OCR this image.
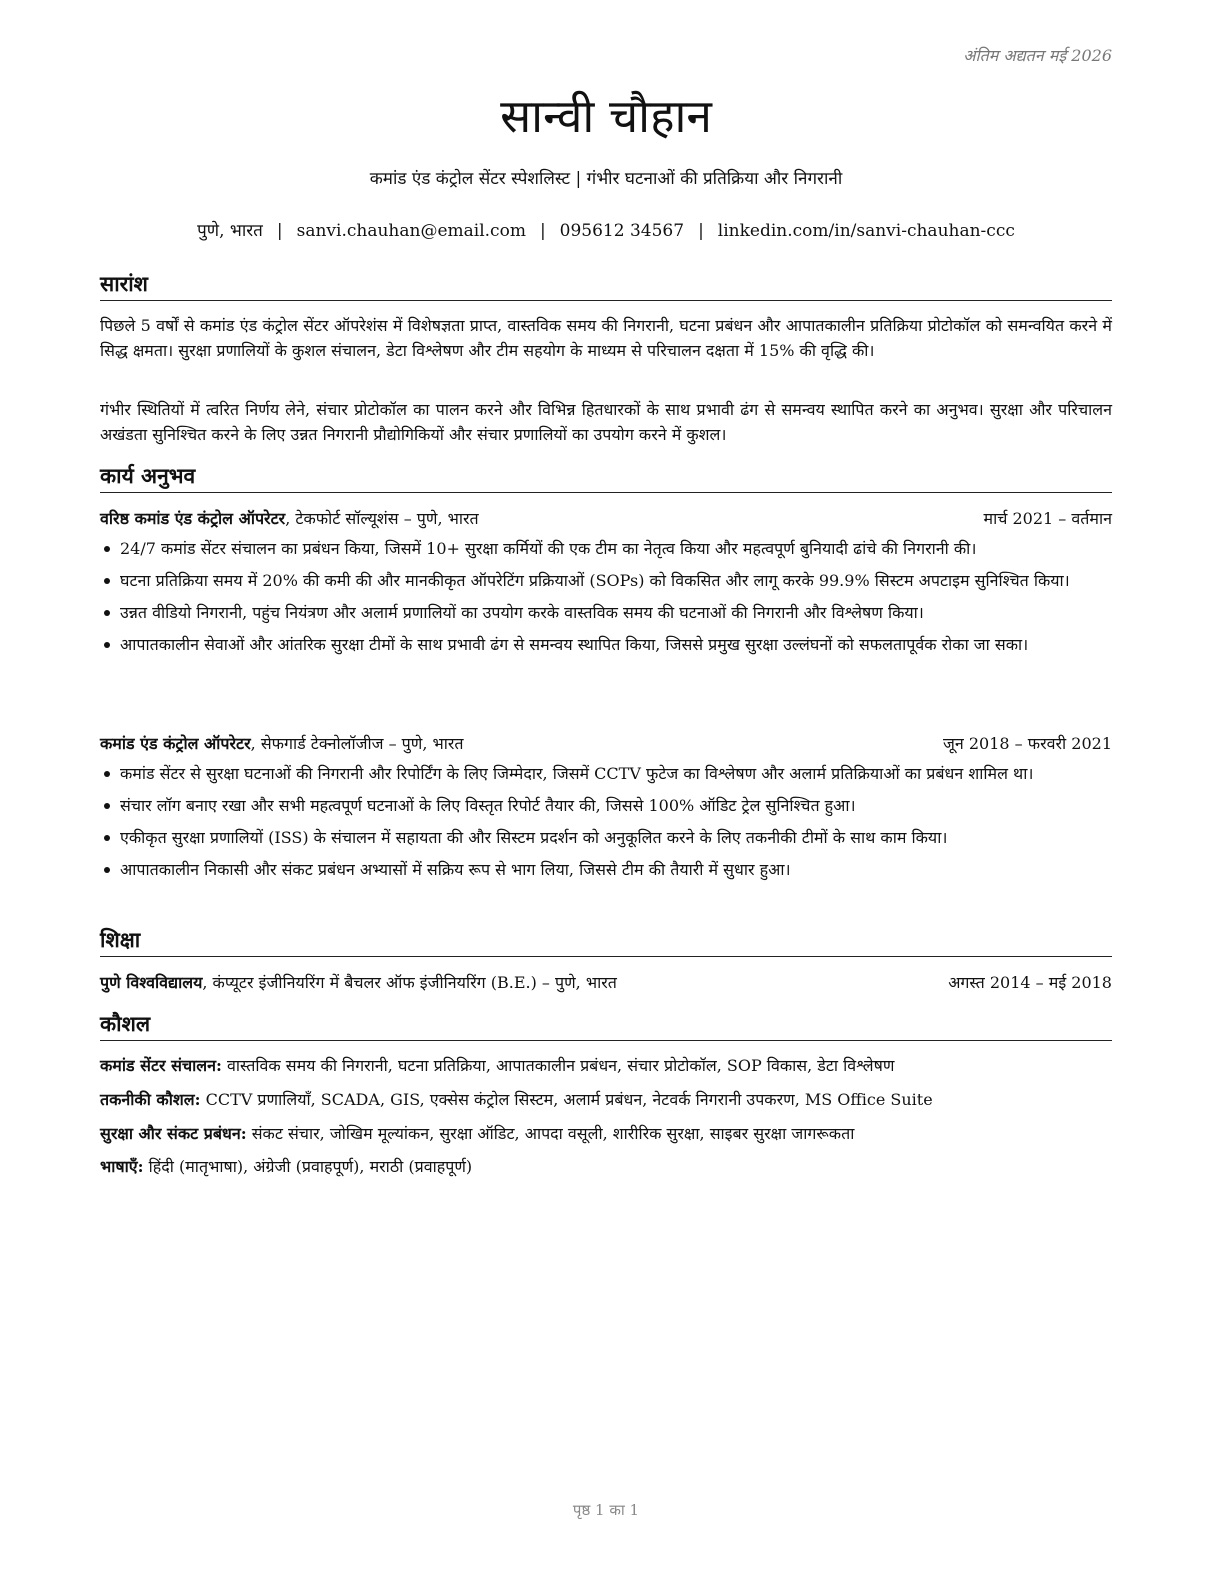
अंतिम अद्यतन मई 2026
सान्वी चौहान
कमांड एंड कंट्रोल सेंटर स्पेशलिस्ट | गंभीर घटनाओं की प्रतिक्रिया और निगरानी
पुणे, भारत | sanvi.chauhan@email.com | 095612 34567 | linkedin.com/in/sanvi-chauhan-ccc
सारांश
पिछले 5 वर्षों से कमांड एंड कंट्रोल सेंटर ऑपरेशंस में विशेषज्ञता प्राप्त, वास्तविक समय की निगरानी, घटना प्रबंधन और आपातकालीन प्रतिक्रिया प्रोटोकॉल को समन्वयित करने में सिद्ध क्षमता। सुरक्षा प्रणालियों के कुशल संचालन, डेटा विश्लेषण और टीम सहयोग के माध्यम से परिचालन दक्षता में 15% की वृद्धि की।
गंभीर स्थितियों में त्वरित निर्णय लेने, संचार प्रोटोकॉल का पालन करने और विभिन्न हितधारकों के साथ प्रभावी ढंग से समन्वय स्थापित करने का अनुभव। सुरक्षा और परिचालन अखंडता सुनिश्चित करने के लिए उन्नत निगरानी प्रौद्योगिकियों और संचार प्रणालियों का उपयोग करने में कुशल।
कार्य अनुभव
वरिष्ठ कमांड एंड कंट्रोल ऑपरेटर, टेकफोर्ट सॉल्यूशंस – पुणे, भारत	मार्च 2021 – वर्तमान
24/7 कमांड सेंटर संचालन का प्रबंधन किया, जिसमें 10+ सुरक्षा कर्मियों की एक टीम का नेतृत्व किया और महत्वपूर्ण बुनियादी ढांचे की निगरानी की।
घटना प्रतिक्रिया समय में 20% की कमी की और मानकीकृत ऑपरेटिंग प्रक्रियाओं (SOPs) को विकसित और लागू करके 99.9% सिस्टम अपटाइम सुनिश्चित किया।
उन्नत वीडियो निगरानी, पहुंच नियंत्रण और अलार्म प्रणालियों का उपयोग करके वास्तविक समय की घटनाओं की निगरानी और विश्लेषण किया।
आपातकालीन सेवाओं और आंतरिक सुरक्षा टीमों के साथ प्रभावी ढंग से समन्वय स्थापित किया, जिससे प्रमुख सुरक्षा उल्लंघनों को सफलतापूर्वक रोका जा सका।
कमांड एंड कंट्रोल ऑपरेटर, सेफगार्ड टेक्नोलॉजीज – पुणे, भारत	जून 2018 – फरवरी 2021
कमांड सेंटर से सुरक्षा घटनाओं की निगरानी और रिपोर्टिंग के लिए जिम्मेदार, जिसमें CCTV फुटेज का विश्लेषण और अलार्म प्रतिक्रियाओं का प्रबंधन शामिल था।
संचार लॉग बनाए रखा और सभी महत्वपूर्ण घटनाओं के लिए विस्तृत रिपोर्ट तैयार की, जिससे 100% ऑडिट ट्रेल सुनिश्चित हुआ।
एकीकृत सुरक्षा प्रणालियों (ISS) के संचालन में सहायता की और सिस्टम प्रदर्शन को अनुकूलित करने के लिए तकनीकी टीमों के साथ काम किया।
आपातकालीन निकासी और संकट प्रबंधन अभ्यासों में सक्रिय रूप से भाग लिया, जिससे टीम की तैयारी में सुधार हुआ।
शिक्षा
पुणे विश्वविद्यालय, कंप्यूटर इंजीनियरिंग में बैचलर ऑफ इंजीनियरिंग (B.E.) – पुणे, भारत	अगस्त 2014 – मई 2018
कौशल
कमांड सेंटर संचालन: वास्तविक समय की निगरानी, घटना प्रतिक्रिया, आपातकालीन प्रबंधन, संचार प्रोटोकॉल, SOP विकास, डेटा विश्लेषण
तकनीकी कौशल: CCTV प्रणालियाँ, SCADA, GIS, एक्सेस कंट्रोल सिस्टम, अलार्म प्रबंधन, नेटवर्क निगरानी उपकरण, MS Office Suite
सुरक्षा और संकट प्रबंधन: संकट संचार, जोखिम मूल्यांकन, सुरक्षा ऑडिट, आपदा वसूली, शारीरिक सुरक्षा, साइबर सुरक्षा जागरूकता
भाषाएँ: हिंदी (मातृभाषा), अंग्रेजी (प्रवाहपूर्ण), मराठी (प्रवाहपूर्ण)
पृष्ठ 1 का 1
